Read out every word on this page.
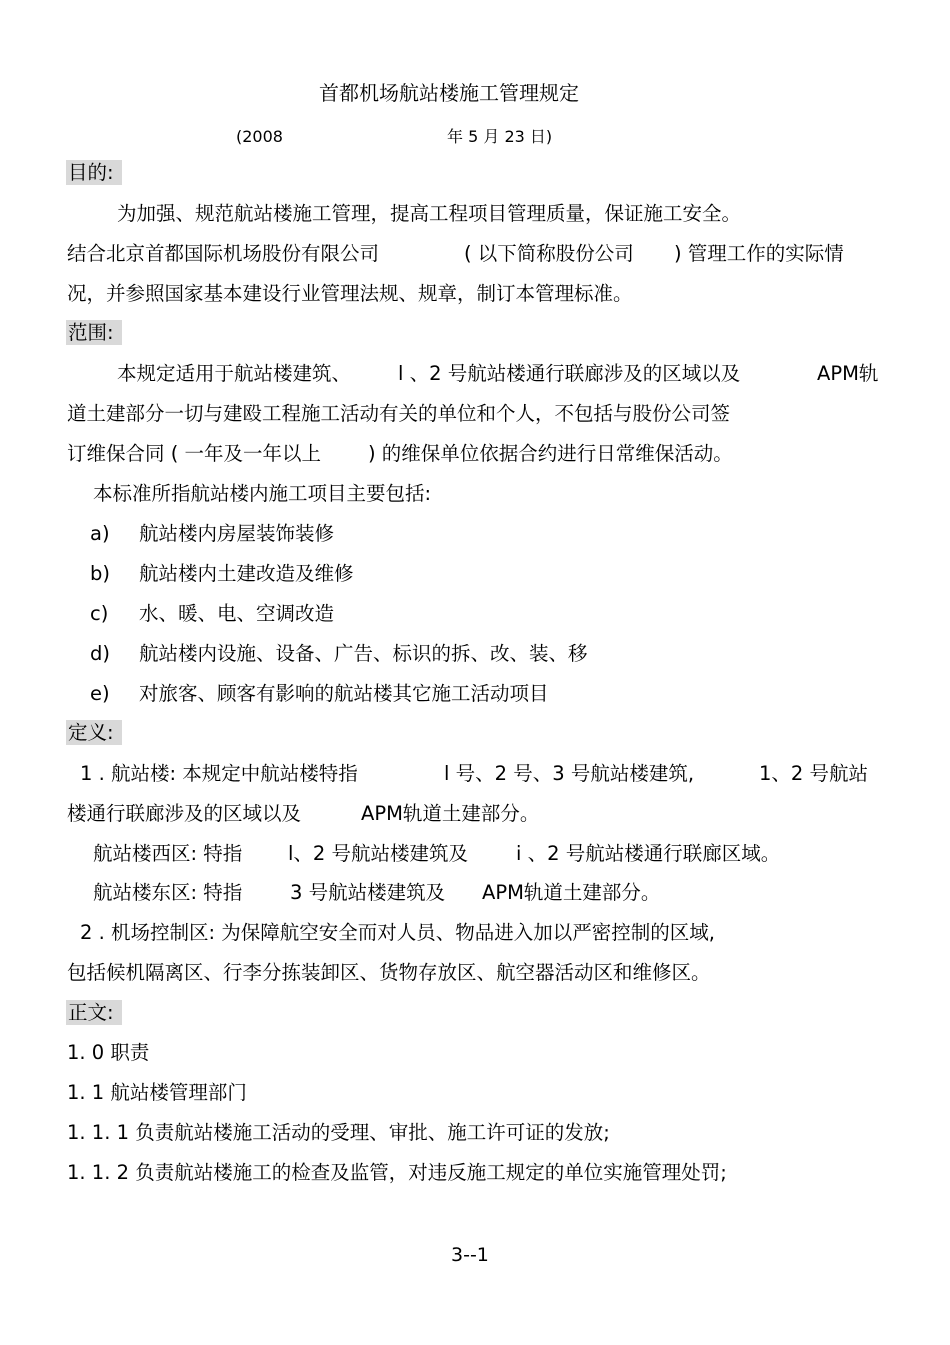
首都机场航站楼施工管理规定
(2008	年 5 月 23 日)
目的:
为加强、规范航站楼施工管理，提高工程项目管理质量，保证施工安全。
结合北京首都国际机场股份有限公司	( 以下简称股份公司 ) 管理工作的实际情
况，并参照国家基本建设行业管理法规、规章，制订本管理标准。
范围:
本规定适用于航站楼建筑、 l 、2 号航站楼通行联廊涉及的区域以及	APM轨
道土建部分一切与建殴工程施工活动有关的单位和个人，不包括与股份公司签
订维保合同 ( 一年及一年以上 ) 的维保单位依据合约进行日常维保活动。
本标准所指航站楼内施工项目主要包括:
a) 航站楼内房屋装饰装修
b) 航站楼内土建改造及维修
c) 水、暖、电、空调改造
d) 航站楼内设施、设备、广告、标识的拆、改、装、移
e) 对旅客、顾客有影响的航站楼其它施工活动项目
定义:
1 . 航站楼: 本规定中航站楼特指	l 号、2 号、3 号航站楼建筑,	1、2 号航站
楼通行联廊涉及的区域以及	APM轨道土建部分。
航站楼西区: 特指 l、2 号航站楼建筑及 i 、2 号航站楼通行联廊区域。
航站楼东区: 特指 3 号航站楼建筑及 APM轨道土建部分。
2 . 机场控制区: 为保障航空安全而对人员、物品进入加以严密控制的区域,
包括候机隔离区、行李分拣装卸区、货物存放区、航空器活动区和维修区。
正文:
1. 0 职责
1. 1 航站楼管理部门
1. 1. 1 负责航站楼施工活动的受理、审批、施工许可证的发放;
1. 1. 2 负责航站楼施工的检查及监管，对违反施工规定的单位实施管理处罚;
3--1
